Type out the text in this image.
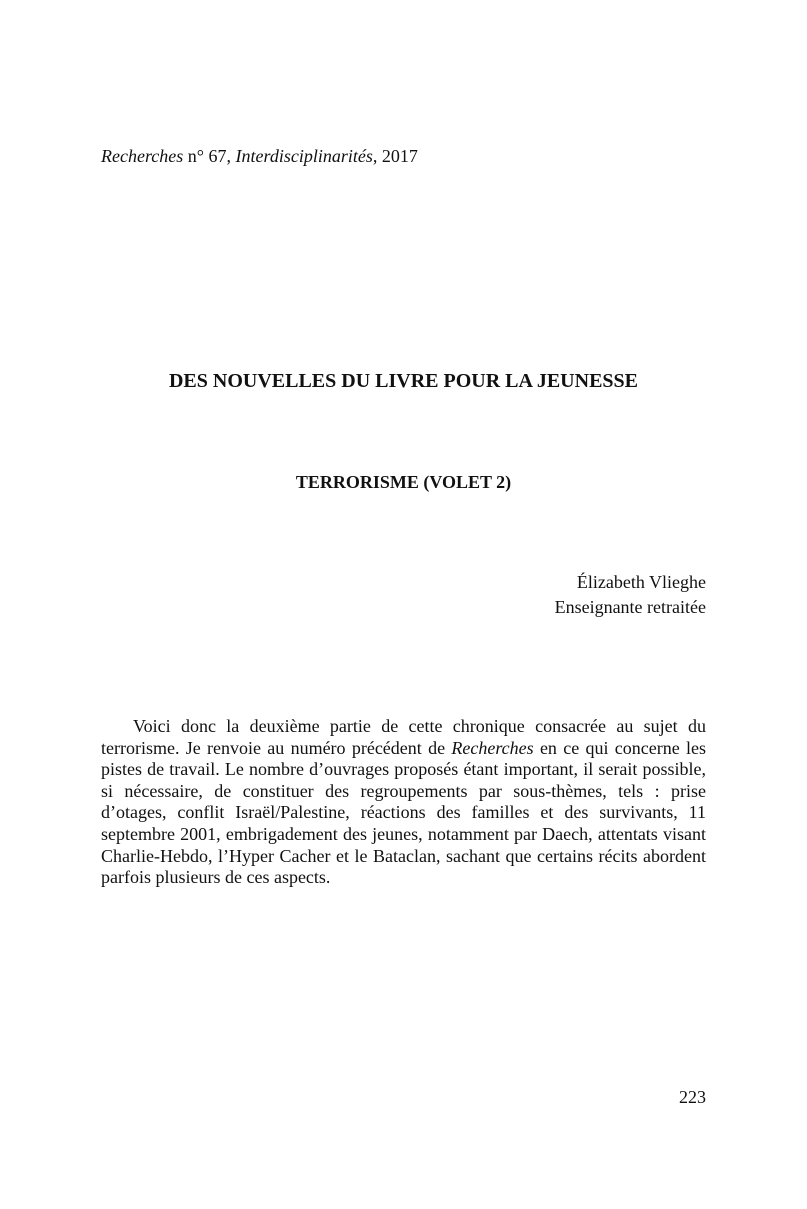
Recherches n° 67, Interdisciplinarités, 2017
DES NOUVELLES DU LIVRE POUR LA JEUNESSE
TERRORISME (VOLET 2)
Élizabeth Vlieghe
Enseignante retraitée

Voici donc la deuxième partie de cette chronique consacrée au sujet du terrorisme. Je renvoie au numéro précédent de Recherches en ce qui concerne les pistes de travail. Le nombre d’ouvrages proposés étant important, il serait possible, si nécessaire, de constituer des regroupements par sous-thèmes, tels : prise d’otages, conflit Israël/Palestine, réactions des familles et des survivants, 11 septembre 2001, embrigadement des jeunes, notamment par Daech, attentats visant Charlie-Hebdo, l’Hyper Cacher et le Bataclan, sachant que certains récits abordent parfois plusieurs de ces aspects.

223
